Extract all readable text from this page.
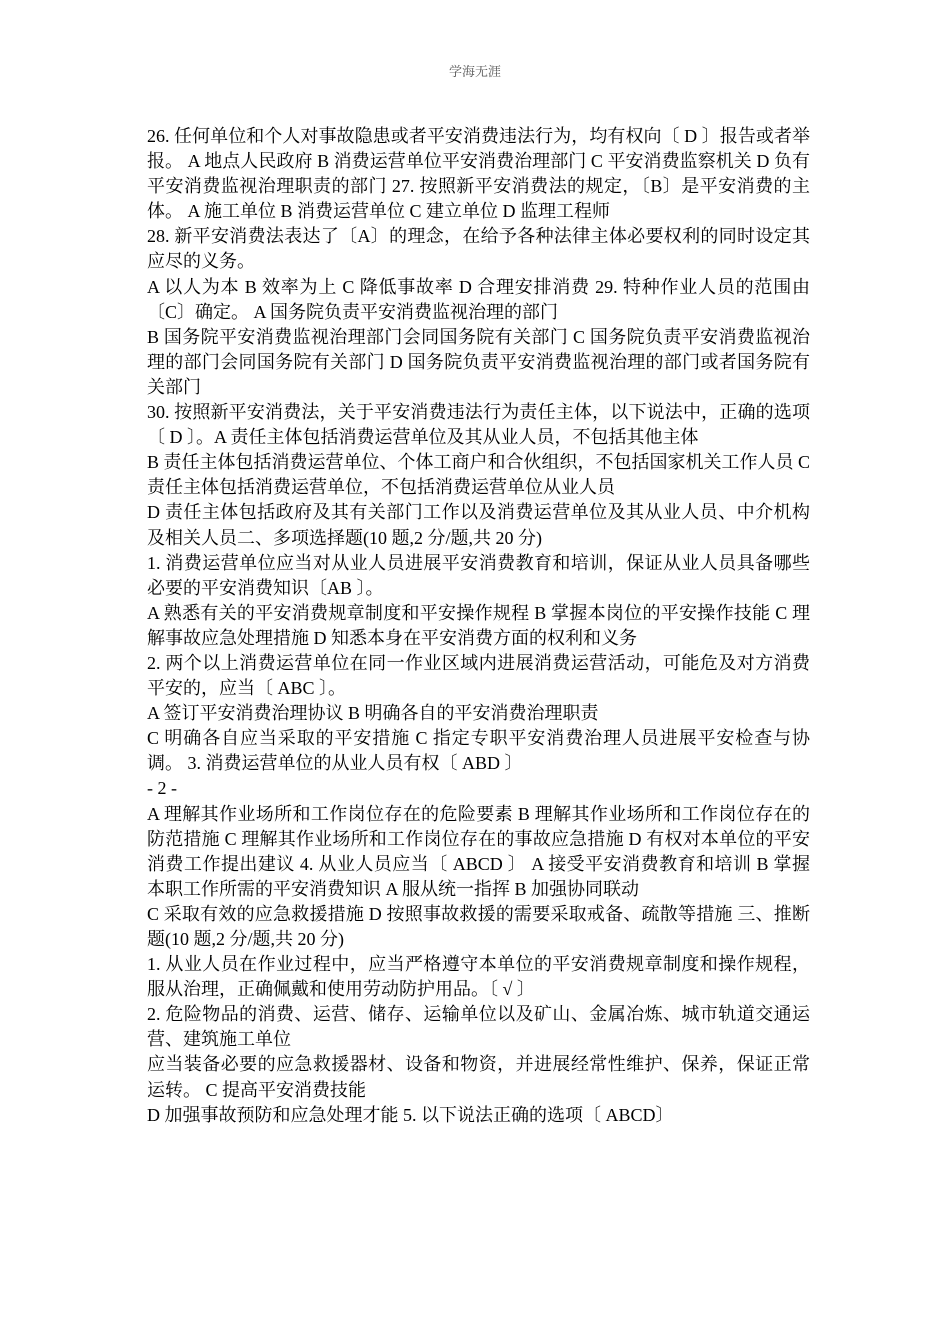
学海无涯

26. 任何单位和个人对事故隐患或者平安消费违法行为，均有权向〔 D 〕报告或者举报。 A 地点人民政府 B 消费运营单位平安消费治理部门 C 平安消费监察机关 D 负有平安消费监视治理职责的部门 27. 按照新平安消费法的规定，〔B〕是平安消费的主体。 A 施工单位 B 消费运营单位 C 建立单位 D 监理工程师

28. 新平安消费法表达了〔A〕的理念，在给予各种法律主体必要权利的同时设定其应尽的义务。

A 以人为本 B 效率为上 C 降低事故率 D 合理安排消费 29. 特种作业人员的范围由〔C〕确定。 A 国务院负责平安消费监视治理的部门

B 国务院平安消费监视治理部门会同国务院有关部门 C 国务院负责平安消费监视治理的部门会同国务院有关部门 D 国务院负责平安消费监视治理的部门或者国务院有关部门

30. 按照新平安消费法，关于平安消费违法行为责任主体，以下说法中，正确的选项〔 D 〕。A 责任主体包括消费运营单位及其从业人员，不包括其他主体

B 责任主体包括消费运营单位、个体工商户和合伙组织，不包括国家机关工作人员 C 责任主体包括消费运营单位，不包括消费运营单位从业人员

D 责任主体包括政府及其有关部门工作以及消费运营单位及其从业人员、中介机构及相关人员二、多项选择题(10 题,2 分/题,共 20 分)

1. 消费运营单位应当对从业人员进展平安消费教育和培训，保证从业人员具备哪些必要的平安消费知识〔AB 〕。

A 熟悉有关的平安消费规章制度和平安操作规程 B 掌握本岗位的平安操作技能 C 理解事故应急处理措施 D 知悉本身在平安消费方面的权利和义务

2. 两个以上消费运营单位在同一作业区域内进展消费运营活动，可能危及对方消费平安的，应当〔 ABC 〕。

A 签订平安消费治理协议 B 明确各自的平安消费治理职责

C 明确各自应当采取的平安措施 C 指定专职平安消费治理人员进展平安检查与协调。 3. 消费运营单位的从业人员有权〔 ABD 〕

- 2 -

A 理解其作业场所和工作岗位存在的危险要素 B 理解其作业场所和工作岗位存在的防范措施 C 理解其作业场所和工作岗位存在的事故应急措施 D 有权对本单位的平安消费工作提出建议 4. 从业人员应当〔 ABCD 〕 A 接受平安消费教育和培训 B 掌握本职工作所需的平安消费知识 A 服从统一指挥 B 加强协同联动

C 采取有效的应急救援措施 D 按照事故救援的需要采取戒备、疏散等措施 三、推断题(10 题,2 分/题,共 20 分)

1. 从业人员在作业过程中，应当严格遵守本单位的平安消费规章制度和操作规程，服从治理，正确佩戴和使用劳动防护用品。〔 √ 〕

2. 危险物品的消费、运营、储存、运输单位以及矿山、金属冶炼、城市轨道交通运营、建筑施工单位

应当装备必要的应急救援器材、设备和物资，并进展经常性维护、保养，保证正常运转。 C 提高平安消费技能

D 加强事故预防和应急处理才能 5. 以下说法正确的选项〔 ABCD〕
